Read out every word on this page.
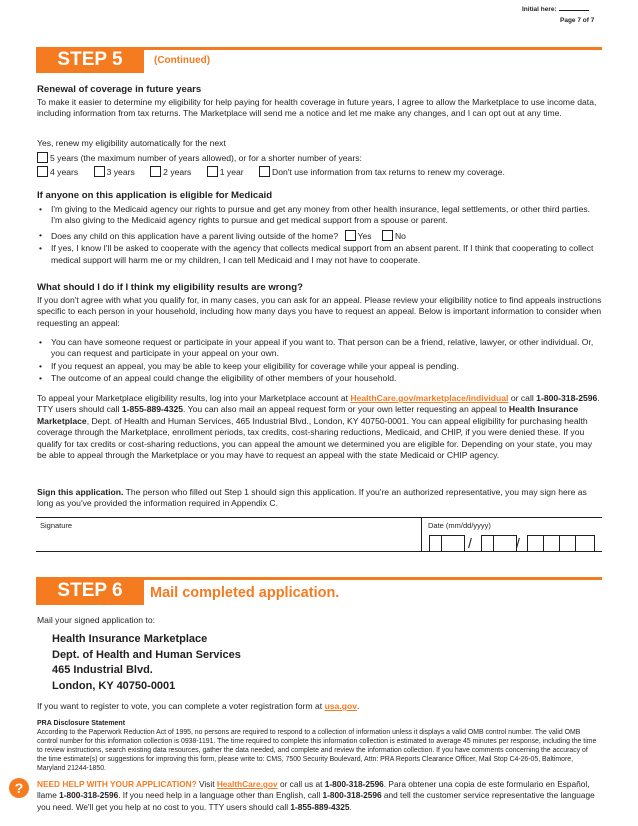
Initial here:
Page 7 of 7
STEP 5	(Continued)
Renewal of coverage in future years
To make it easier to determine my eligibility for help paying for health coverage in future years, I agree to allow the Marketplace to use income data, including information from tax returns. The Marketplace will send me a notice and let me make any changes, and I can opt out at any time.
Yes, renew my eligibility automatically for the next
5 years (the maximum number of years allowed), or for a shorter number of years:
4 years	3 years	2 years	1 year	Don't use information from tax returns to renew my coverage.
If anyone on this application is eligible for Medicaid
• I'm giving to the Medicaid agency our rights to pursue and get any money from other health insurance, legal settlements, or other third parties. I'm also giving to the Medicaid agency rights to pursue and get medical support from a spouse or parent.
• Does any child on this application have a parent living outside of the home? Yes	No
• If yes, I know I'll be asked to cooperate with the agency that collects medical support from an absent parent. If I think that cooperating to collect medical support will harm me or my children, I can tell Medicaid and I may not have to cooperate.
What should I do if I think my eligibility results are wrong?
If you don't agree with what you qualify for, in many cases, you can ask for an appeal. Please review your eligibility notice to find appeals instructions specific to each person in your household, including how many days you have to request an appeal. Below is important information to consider when requesting an appeal:
• You can have someone request or participate in your appeal if you want to. That person can be a friend, relative, lawyer, or other individual. Or, you can request and participate in your appeal on your own.
• If you request an appeal, you may be able to keep your eligibility for coverage while your appeal is pending.
• The outcome of an appeal could change the eligibility of other members of your household.
To appeal your Marketplace eligibility results, log into your Marketplace account at HealthCare.gov/marketplace/individual or call 1-800-318-2596. TTY users should call 1-855-889-4325. You can also mail an appeal request form or your own letter requesting an appeal to Health Insurance Marketplace, Dept. of Health and Human Services, 465 Industrial Blvd., London, KY 40750-0001. You can appeal eligibility for purchasing health coverage through the Marketplace, enrollment periods, tax credits, cost-sharing reductions, Medicaid, and CHIP, if you were denied these. If you qualify for tax credits or cost-sharing reductions, you can appeal the amount we determined you are eligible for. Depending on your state, you may be able to appeal through the Marketplace or you may have to request an appeal with the state Medicaid or CHIP agency.
Sign this application. The person who filled out Step 1 should sign this application. If you're an authorized representative, you may sign here as long as you've provided the information required in Appendix C.
Signature	Date (mm/dd/yyyy)
/	/
STEP 6	Mail completed application.
Mail your signed application to:
Health Insurance Marketplace
Dept. of Health and Human Services
465 Industrial Blvd.
London, KY 40750-0001
If you want to register to vote, you can complete a voter registration form at usa.gov.
PRA Disclosure Statement
According to the Paperwork Reduction Act of 1995, no persons are required to respond to a collection of information unless it displays a valid OMB control number. The valid OMB control number for this information collection is 0938-1191. The time required to complete this information collection is estimated to average 45 minutes per response, including the time to review instructions, search existing data resources, gather the data needed, and complete and review the information collection. If you have comments concerning the accuracy of the time estimate(s) or suggestions for improving this form, please write to: CMS, 7500 Security Boulevard, Attn: PRA Reports Clearance Officer, Mail Stop C4-26-05, Baltimore, Maryland 21244-1850.
?	NEED HELP WITH YOUR APPLICATION? Visit HealthCare.gov or call us at 1-800-318-2596. Para obtener una copia de este formulario en Español, llame 1-800-318-2596. If you need help in a language other than English, call 1-800-318-2596 and tell the customer service representative the language you need. We'll get you help at no cost to you. TTY users should call 1-855-889-4325.
